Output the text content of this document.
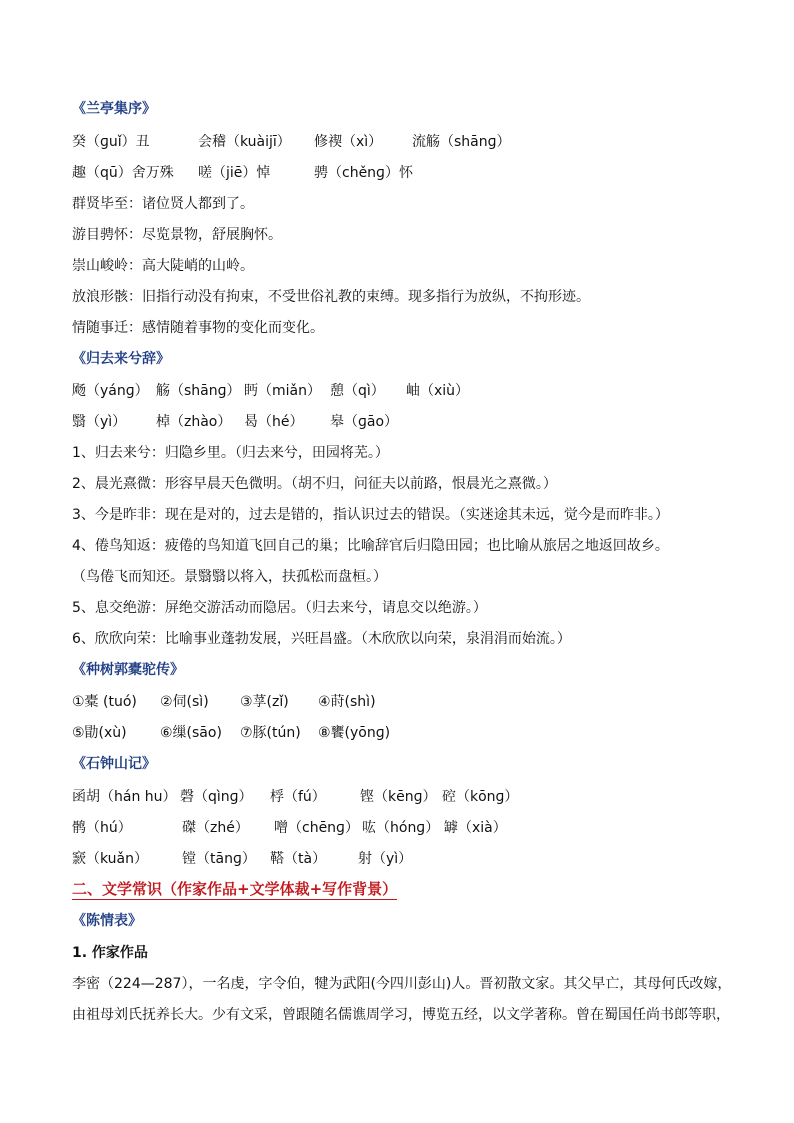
《兰亭集序》
癸（ɡuǐ）丑	会稽（kuàijī） 修禊（xì） 流觞（shānɡ）
趣（qū）舍万殊 嗟（jiē）悼	骋（chěnɡ）怀
群贤毕至：诸位贤人都到了。
游目骋怀：尽览景物，舒展胸怀。
崇山峻岭：高大陡峭的山岭。
放浪形骸：旧指行动没有拘束，不受世俗礼教的束缚。现多指行为放纵，不拘形迹。
情随事迁：感情随着事物的变化而变化。
《归去来兮辞》
飏（yánɡ） 觞（shānɡ） 眄（miǎn） 憩（qì） 岫（xiù）
翳（yì） 棹（zhào） 曷（hé） 皋（ɡāo）
1、归去来兮：归隐乡里。（归去来兮，田园将芜。）
2、晨光熹微：形容早晨天色微明。（胡不归，问征夫以前路，恨晨光之熹微。）
3、今是昨非：现在是对的，过去是错的，指认识过去的错误。（实迷途其未远，觉今是而昨非。）
4、倦鸟知返：疲倦的鸟知道飞回自己的巢；比喻辞官后归隐田园；也比喻从旅居之地返回故乡。
（鸟倦飞而知还。景翳翳以将入，扶孤松而盘桓。）
5、息交绝游：屏绝交游活动而隐居。（归去来兮，请息交以绝游。）
6、欣欣向荣：比喻事业蓬勃发展，兴旺昌盛。（木欣欣以向荣，泉涓涓而始流。）
《种树郭橐驼传》
①橐 (tuó) ②伺(sì) ③莩(zǐ) ④莳(shì)
⑤勖(xù) ⑥缫(sāo) ⑦豚(tún) ⑧饔(yōnɡ)
《石钟山记》
函胡（hán hu） 磬（qìnɡ） 桴（fú） 铿（kēnɡ） 硿（kōnɡ）
鹘（hú）	磔（zhé） 噌（chēnɡ） 吰（hónɡ） 罅（xià）
窾（kuǎn） 镗（tānɡ） 鞳（tà） 射（yì）
二、文学常识（作家作品+文学体裁+写作背景）
《陈情表》
1. 作家作品
李密（224—287），一名虔，字令伯，犍为武阳(今四川彭山)人。晋初散文家。其父早亡，其母何氏改嫁，
由祖母刘氏抚养长大。少有文采，曾跟随名儒谯周学习，博览五经，以文学著称。曾在蜀国任尚书郎等职，
